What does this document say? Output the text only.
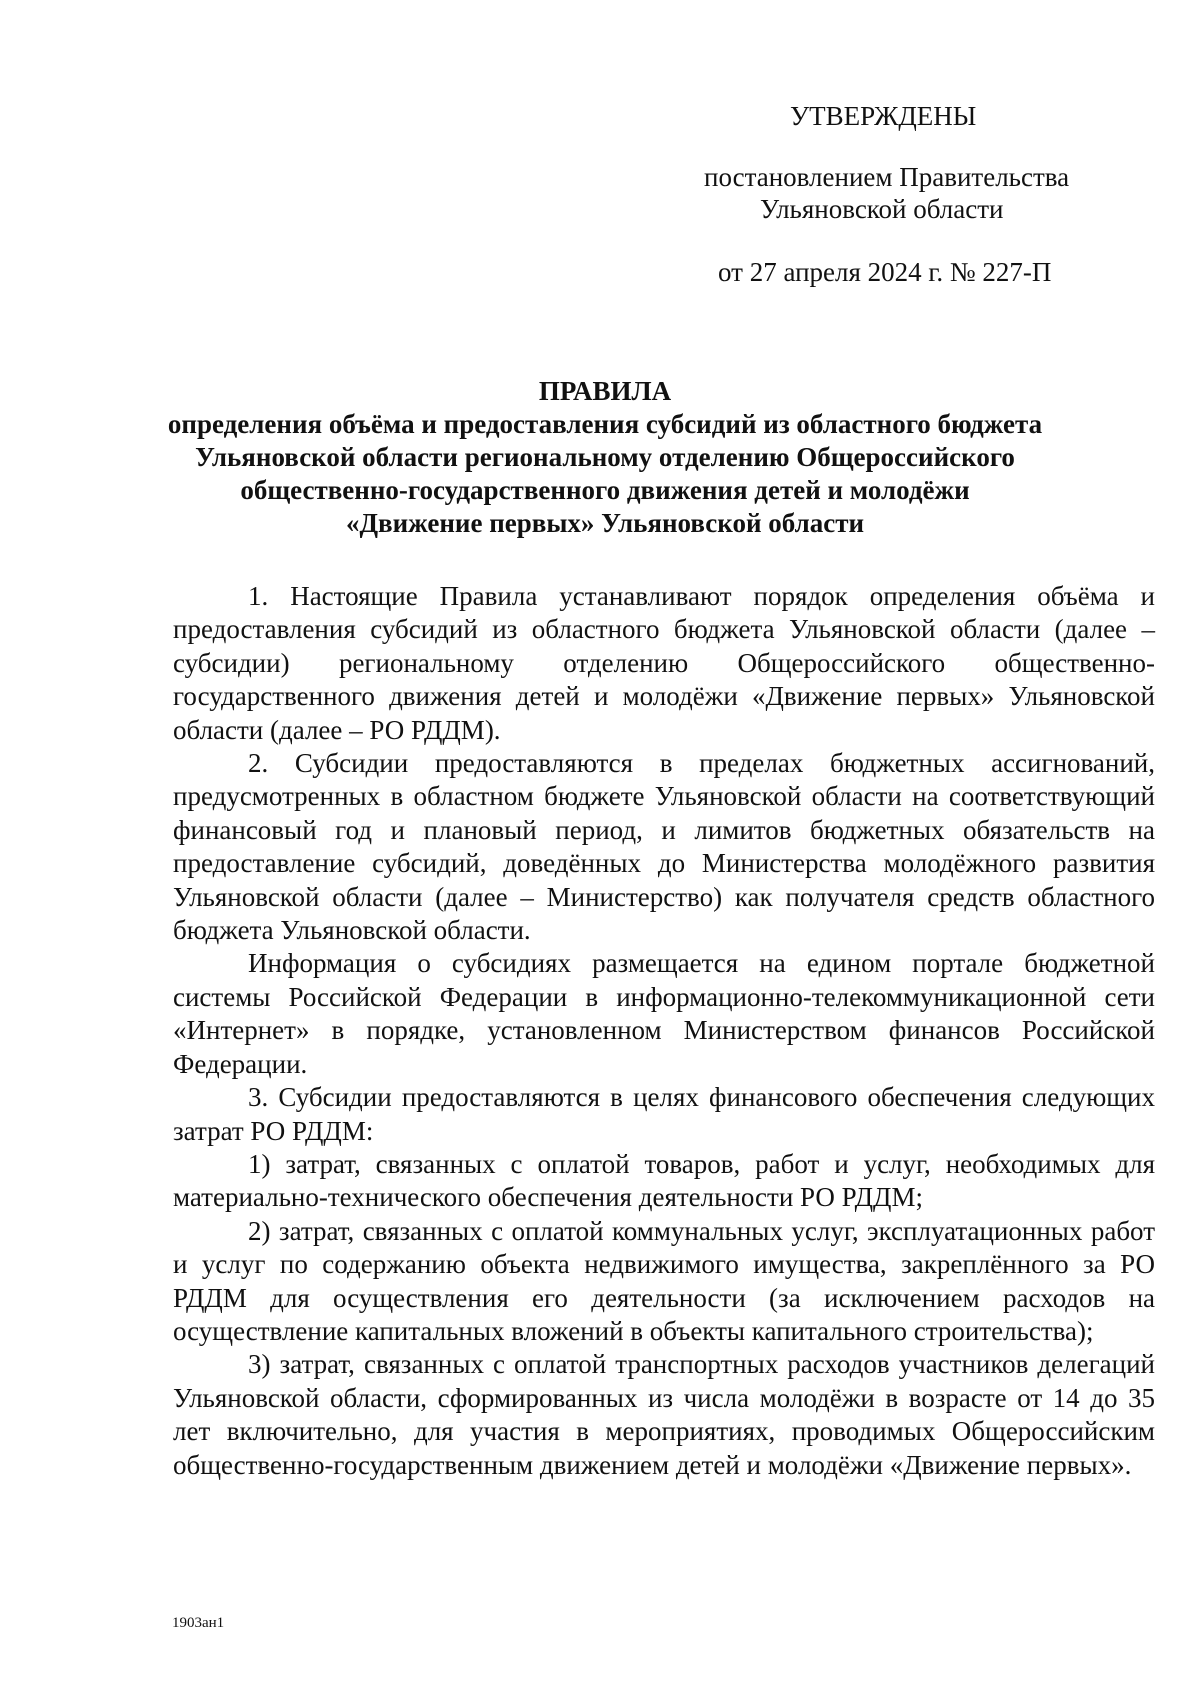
УТВЕРЖДЕНЫ
постановлением Правительства
Ульяновской области
от 27 апреля 2024 г. № 227-П
ПРАВИЛА
определения объёма и предоставления субсидий из областного бюджета
Ульяновской области региональному отделению Общероссийского
общественно-государственного движения детей и молодёжи
«Движение первых» Ульяновской области

1. Настоящие Правила устанавливают порядок определения объёма и предоставления субсидий из областного бюджета Ульяновской области (далее – субсидии) региональному отделению Общероссийского общественно-государственного движения детей и молодёжи «Движение первых» Ульяновской области (далее – РО РДДМ).

2. Субсидии предоставляются в пределах бюджетных ассигнований, предусмотренных в областном бюджете Ульяновской области на соответствующий финансовый год и плановый период, и лимитов бюджетных обязательств на предоставление субсидий, доведённых до Министерства молодёжного развития Ульяновской области (далее – Министерство) как получателя средств областного бюджета Ульяновской области.

Информация о субсидиях размещается на едином портале бюджетной системы Российской Федерации в информационно-телекоммуникационной сети «Интернет» в порядке, установленном Министерством финансов Российской Федерации.

3. Субсидии предоставляются в целях финансового обеспечения следующих затрат РО РДДМ:

1) затрат, связанных с оплатой товаров, работ и услуг, необходимых для материально-технического обеспечения деятельности РО РДДМ;

2) затрат, связанных с оплатой коммунальных услуг, эксплуатационных работ и услуг по содержанию объекта недвижимого имущества, закреплённого за РО РДДМ для осуществления его деятельности (за исключением расходов на осуществление капитальных вложений в объекты капитального строительства);

3) затрат, связанных с оплатой транспортных расходов участников делегаций Ульяновской области, сформированных из числа молодёжи в возрасте от 14 до 35 лет включительно, для участия в мероприятиях, проводимых Общероссийским общественно-государственным движением детей и молодёжи «Движение первых».

1903ан1
